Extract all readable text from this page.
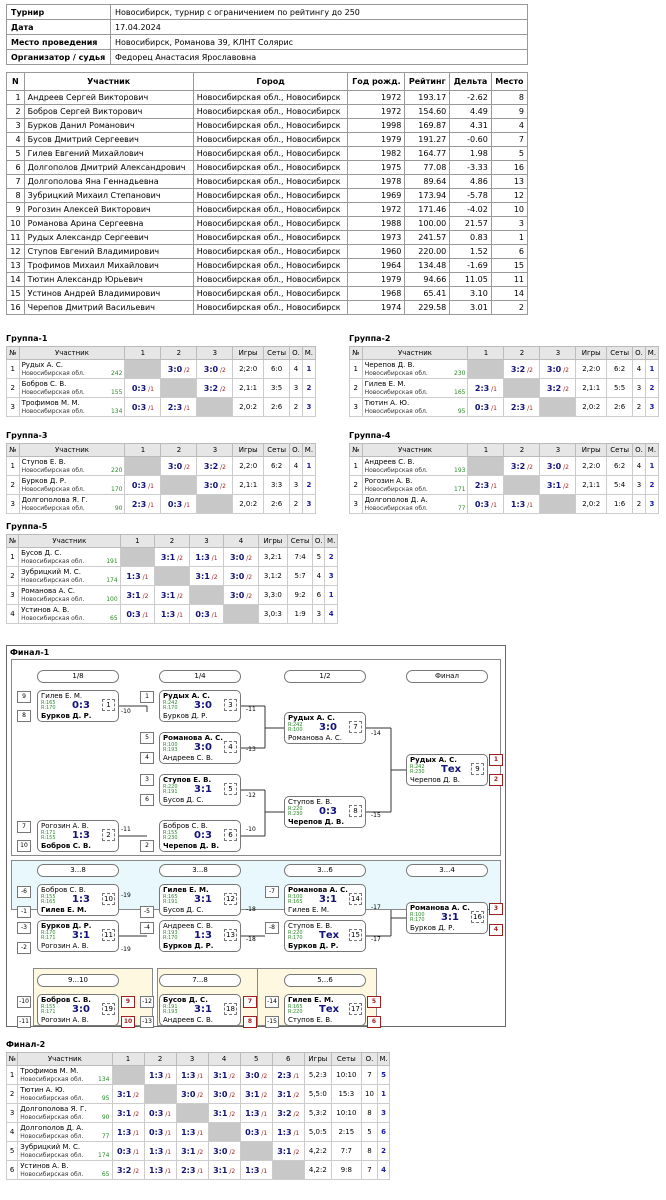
Турнир	Новосибирск, турнир с ограничением по рейтингу до 250
Дата	17.04.2024
Место проведения	Новосибирск, Романова 39, КЛНТ Солярис
Организатор / судья	Федорец Анастасия Ярославовна
N	Участник	Город	Год рожд.	Рейтинг	Дельта	Место
1	Андреев Сергей Викторович	Новосибирская обл., Новосибирск	1972	193.17	-2.62	8
2	Бобров Сергей Викторович	Новосибирская обл., Новосибирск	1972	154.60	4.49	9
3	Бурков Данил Романович	Новосибирская обл., Новосибирск	1998	169.87	4.31	4
4	Бусов Дмитрий Сергеевич	Новосибирская обл., Новосибирск	1979	191.27	-0.60	7
5	Гилев Евгений Михайлович	Новосибирская обл., Новосибирск	1982	164.77	1.98	5
6	Долгополов Дмитрий Александрович	Новосибирская обл., Новосибирск	1975	77.08	-3.33	16
7	Долгополова Яна Геннадьевна	Новосибирская обл., Новосибирск	1978	89.64	4.86	13
8	Зубрицкий Михаил Степанович	Новосибирская обл., Новосибирск	1969	173.94	-5.78	12
9	Рогозин Алексей Викторович	Новосибирская обл., Новосибирск	1972	171.46	-4.02	10
10	Романова Арина Сергеевна	Новосибирская обл., Новосибирск	1988	100.00	21.57	3
11	Рудых Александр Сергеевич	Новосибирская обл., Новосибирск	1973	241.57	0.83	1
12	Ступов Евгений Владимирович	Новосибирская обл., Новосибирск	1960	220.00	1.52	6
13	Трофимов Михаил Михайлович	Новосибирская обл., Новосибирск	1964	134.48	-1.69	15
14	Тютин Александр Юрьевич	Новосибирская обл., Новосибирск	1979	94.66	11.05	11
15	Устинов Андрей Владимирович	Новосибирская обл., Новосибирск	1968	65.41	3.10	14
16	Черепов Дмитрий Васильевич	Новосибирская обл., Новосибирск	1974	229.58	3.01	2
Группа-1
№	Участник	1	2	3	Игры	Сеты	О.	М.
1	Рудых А. С.
Новосибирская обл. 242		3:0 /2	3:0 /2	2;2:0	6:0	4	1
2	Бобров С. В.
Новосибирская обл. 155	0:3 /1		3:2 /2	2,1:1	3:5	3	2
3	Трофимов М. М.
Новосибирская обл. 134	0:3 /1	2:3 /1		2,0:2	2:6	2	3
Группа-2
№	Участник	1	2	3	Игры	Сеты	О.	М.
1	Черепов Д. В.
Новосибирская обл. 230		3:2 /2	3:0 /2	2,2:0	6:2	4	1
2	Гилев Е. М.
Новосибирская обл. 165	2:3 /1		3:2 /2	2,1:1	5:5	3	2
3	Тютин А. Ю.
Новосибирская обл. 95	0:3 /1	2:3 /1		2,0:2	2:6	2	3
Группа-3
№	Участник	1	2	3	Игры	Сеты	О.	М.
1	Ступов Е. В.
Новосибирская обл. 220		3:0 /2	3:2 /2	2,2:0	6:2	4	1
2	Бурков Д. Р.
Новосибирская обл. 170	0:3 /1		3:0 /2	2,1:1	3:3	3	2
3	Долгополова Я. Г.
Новосибирская обл. 90	2:3 /1	0:3 /1		2,0:2	2:6	2	3
Группа-4
№	Участник	1	2	3	Игры	Сеты	О.	М.
1	Андреев С. В.
Новосибирская обл. 193		3:2 /2	3:0 /2	2,2:0	6:2	4	1
2	Рогозин А. В.
Новосибирская обл. 171	2:3 /1		3:1 /2	2,1:1	5:4	3	2
3	Долгополов Д. А.
Новосибирская обл. 77	0:3 /1	1:3 /1		2,0:2	1:6	2	3
Группа-5
№	Участник	1	2	3	4	Игры	Сеты	О.	М.
1	Бусов Д. С.
Новосибирская обл. 191		3:1 /2	1:3 /1	3:0 /2	3,2:1	7:4	5	2
2	Зубрицкий М. С.
Новосибирская обл. 174	1:3 /1		3:1 /2	3:0 /2	3,1:2	5:7	4	3
3	Романова А. С.
Новосибирская обл. 100	3:1 /2	3:1 /2		3:0 /2	3,3:0	9:2	6	1
4	Устинов А. В.
Новосибирская обл. 65	0:3 /1	1:3 /1	0:3 /1		3,0:3	1:9	3	4
Финал-1
1/8	1/4	1/2	Финал
3...8	3...8	3...6	3...4
9...10	7...8	5...6
Гилев Е. М.
R:165
R:170 0:3	1
Бурков Д. Р.
Рогозин А. В.
R:171
R:155 1:3	2
Бобров С. В.
Рудых А. С.
R:242
R:170 3:0	3
Бурков Д. Р.
Романова А. С.
R:100
R:193 3:0	4
Андреев С. В.
Ступов Е. В.
R:220
R:191 3:1	5
Бусов Д. С.
Бобров С. В.
R:155
R:230 0:3	6
Черепов Д. В.
Рудых А. С.
R:242
R:100 3:0	7
Романова А. С.
Ступов Е. В.
R:220
R:230 0:3	8
Черепов Д. В.
Рудых А. С.
R:242
R:230 Тех	9
Черепов Д. В.
Бобров С. В.
R:155
R:165 1:3 10
Гилев Е. М.
Бурков Д. Р.
R:170
R:171 3:1 11
Рогозин А. В.
Гилев Е. М.
R:165
R:191 3:1 12
Бусов Д. С.
Андреев С. В.
R:193
R:170 1:3 13
Бурков Д. Р.
Романова А. С.
R:100
R:165 3:1 14
Гилев Е. М.
Ступов Е. В.
R:220
R:170 Тех 15
Бурков Д. Р.
Романова А. С.
R:100
R:170 3:1 16
Бурков Д. Р.
Бобров С. В.
R:155
R:171 3:0 19
Рогозин А. В.
Бусов Д. С.
R:191
R:193 3:1 18
Андреев С. В.
Гилев Е. М.
R:165
R:220 Тех 17
Ступов Е. В.
9
8
1
5
4
3
6
7
10	2
-6
-1
-3
-2
-5
-4
-7
-8
-10
-11
-12
-13
-14
-15
1
2
3
4
9
10
7
8
5
6
-10
-11
-11
-13
-12
-10
-14
-15
-19
-19
-18
-18
-17
-17
Финал-2
№	Участник	1	2	3	4	5	6	Игры	Сеты	О.	М.
1	Трофимов М. М.
Новосибирская обл. 134		1:3 /1	1:3 /1	3:1 /2	3:0 /2	2:3 /1	5,2:3	10:10	7	5
2	Тютин А. Ю.
Новосибирская обл. 95	3:1 /2		3:0 /2	3:0 /2	3:1 /2	3:1 /2	5,5:0	15:3	10	1
3	Долгополова Я. Г.
Новосибирская обл. 90	3:1 /2	0:3 /1		3:1 /2	1:3 /1	3:2 /2	5,3:2	10:10	8	3
4	Долгополов Д. А.
Новосибирская обл. 77	1:3 /1	0:3 /1	1:3 /1		0:3 /1	1:3 /1	5,0:5	2:15	5	6
5	Зубрицкий М. С.
Новосибирская обл. 174	0:3 /1	1:3 /1	3:1 /2	3:0 /2		3:1 /2	4,2:2	7:7	8	2
6	Устинов А. В.
Новосибирская обл. 65	3:2 /2	1:3 /1	2:3 /1	3:1 /2	1:3 /1		4,2:2	9:8	7	4
